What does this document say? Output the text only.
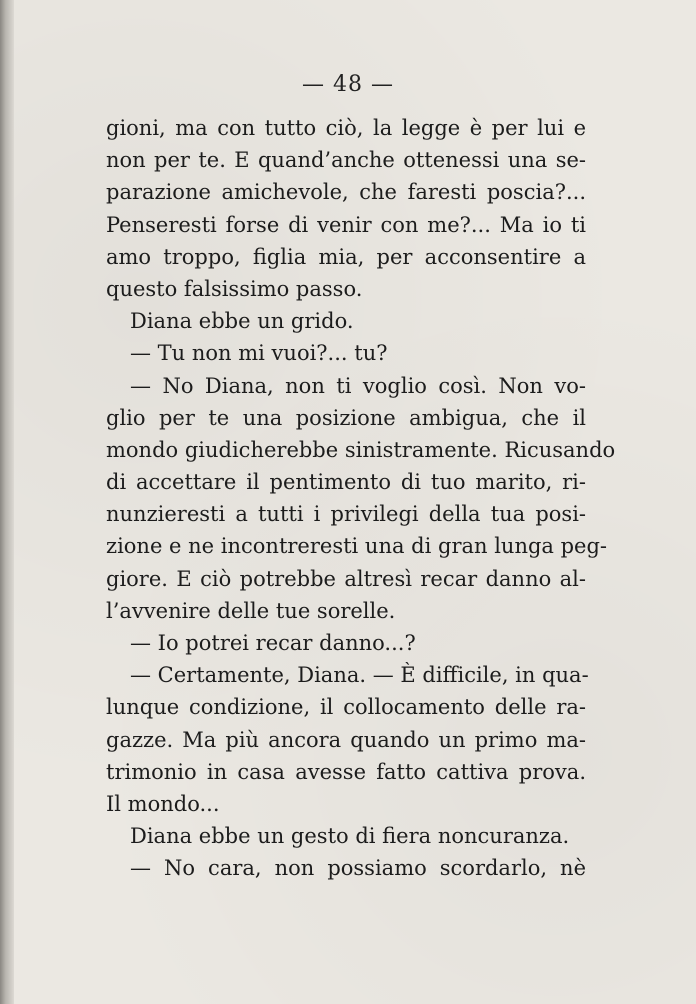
— 48 —
gioni, ma con tutto ciò, la legge è per lui e
non per te. E quand’anche ottenessi una se-
parazione amichevole, che faresti poscia?...
Penseresti forse di venir con me?... Ma io ti
amo troppo, figlia mia, per acconsentire a
questo falsissimo passo.
Diana ebbe un grido.
— Tu non mi vuoi?... tu?
— No Diana, non ti voglio così. Non vo-
glio per te una posizione ambigua, che il
mondo giudicherebbe sinistramente. Ricusando
di accettare il pentimento di tuo marito, ri-
nunzieresti a tutti i privilegi della tua posi-
zione e ne incontreresti una di gran lunga peg-
giore. E ciò potrebbe altresì recar danno al-
l’avvenire delle tue sorelle.
— Io potrei recar danno...?
— Certamente, Diana. — È difficile, in qua-
lunque condizione, il collocamento delle ra-
gazze. Ma più ancora quando un primo ma-
trimonio in casa avesse fatto cattiva prova.
Il mondo...
Diana ebbe un gesto di fiera noncuranza.
— No cara, non possiamo scordarlo, nè
